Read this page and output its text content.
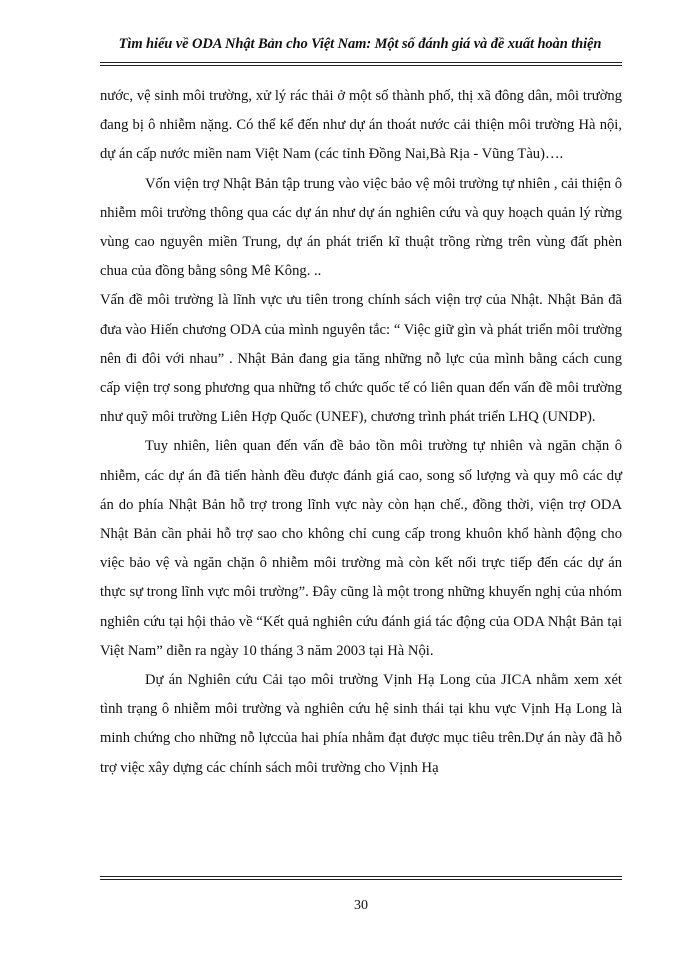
Tìm hiểu về ODA Nhật Bản cho Việt Nam: Một số đánh giá và đề xuất hoàn thiện

nước, vệ sinh môi trường, xử lý rác thải ở một số thành phố, thị xã đông dân, môi trường đang bị ô nhiễm nặng. Có thể kể đến như dự án thoát nước cải thiện môi trường Hà nội, dự án cấp nước miền nam Việt Nam (các tỉnh Đồng Nai,Bà Rịa - Vũng Tàu)….

Vốn viện trợ Nhật Bản tập trung vào việc bảo vệ môi trường tự nhiên , cải thiện ô nhiễm môi trường thông qua các dự án như dự án nghiên cứu và quy hoạch quản lý rừng vùng cao nguyên miền Trung, dự án phát triển kĩ thuật trồng rừng trên vùng đất phèn chua của đồng bằng sông Mê Kông. ..

Vấn đề môi trường là lĩnh vực ưu tiên trong chính sách viện trợ của Nhật. Nhật Bản đã đưa vào Hiến chương ODA của mình nguyên tắc: “ Việc giữ gìn và phát triển môi trường nên đi đôi với nhau” . Nhật Bản đang gia tăng những nỗ lực của mình bằng cách cung cấp viện trợ song phương qua những tổ chức quốc tế có liên quan đến vấn đề môi trường như quỹ môi trường Liên Hợp Quốc (UNEF), chương trình phát triển LHQ (UNDP).

Tuy nhiên, liên quan đến vấn đề bảo tồn môi trường tự nhiên và ngăn chặn ô nhiễm, các dự án đã tiến hành đều được đánh giá cao, song số lượng và quy mô các dự án do phía Nhật Bản hỗ trợ trong lĩnh vực này còn hạn chế., đồng thời, viện trợ ODA Nhật Bản cần phải hỗ trợ sao cho không chỉ cung cấp trong khuôn khổ hành động cho việc bảo vệ và ngăn chặn ô nhiễm môi trường mà còn kết nối trực tiếp đến các dự án thực sự trong lĩnh vực môi trường”. Đây cũng là một trong những khuyến nghị của nhóm nghiên cứu tại hội thảo về “Kết quả nghiên cứu đánh giá tác động của ODA Nhật Bản tại Việt Nam” diễn ra ngày 10 tháng 3 năm 2003 tại Hà Nội.

Dự án Nghiên cứu Cải tạo môi trường Vịnh Hạ Long của JICA nhằm xem xét tình trạng ô nhiễm môi trường và nghiên cứu hệ sinh thái tại khu vực Vịnh Hạ Long là minh chứng cho những nỗ lựccủa hai phía nhằm đạt được mục tiêu trên.Dự án này đã hỗ trợ việc xây dựng các chính sách môi trường cho Vịnh Hạ

30
